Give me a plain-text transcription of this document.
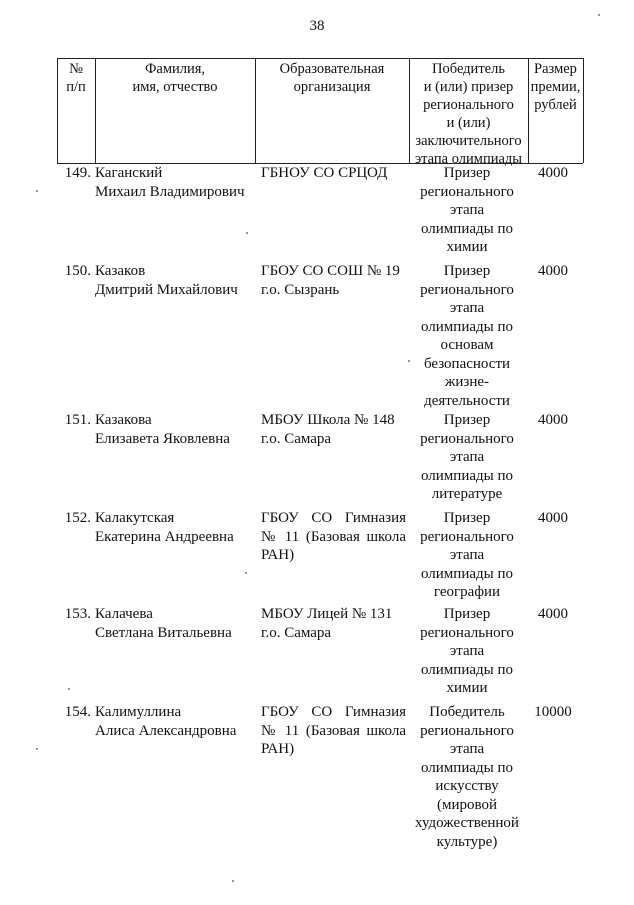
38
№
п/п
Фамилия,
имя, отчество
Образовательная
организация
Победитель
и (или) призер
регионального
и (или)
заключительного
этапа олимпиады
Размер
премии,
рублей
149. Каганский
Михаил Владимирович
ГБНОУ СО СРЦОД	Призер
регионального
этапа
олимпиады по
химии
4000
150. Казаков
Дмитрий Михайлович
ГБОУ СО СОШ № 19
г.о. Сызрань
Призер
регионального
этапа
олимпиады по
основам
безопасности
жизне-
деятельности
4000
151. Казакова
Елизавета Яковлевна
МБОУ Школа № 148
г.о. Самара
Призер
регионального
этапа
олимпиады по
литературе
4000
152. Калакутская
Екатерина Андреевна
ГБОУ СО Гимназия
№ 11 (Базовая школа
РАН)
Призер
регионального
этапа
олимпиады по
географии
4000
153. Калачева
Светлана Витальевна
МБОУ Лицей № 131
г.о. Самара
Призер
регионального
этапа
олимпиады по
химии
4000
154. Калимуллина
Алиса Александровна
ГБОУ СО Гимназия
№ 11 (Базовая школа
РАН)
Победитель
регионального
этапа
олимпиады по
искусству
(мировой
художественной
культуре)
10000
